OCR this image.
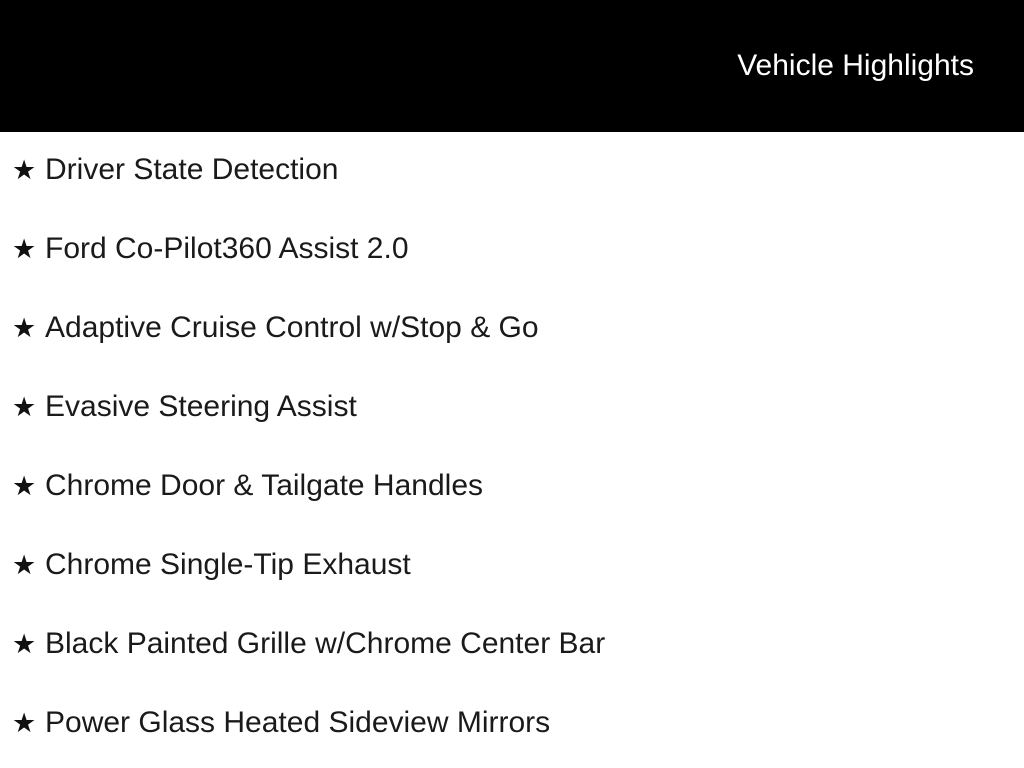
Vehicle Highlights
★ Driver State Detection
★ Ford Co-Pilot360 Assist 2.0
★ Adaptive Cruise Control w/Stop & Go
★ Evasive Steering Assist
★ Chrome Door & Tailgate Handles
★ Chrome Single-Tip Exhaust
★ Black Painted Grille w/Chrome Center Bar
★ Power Glass Heated Sideview Mirrors
